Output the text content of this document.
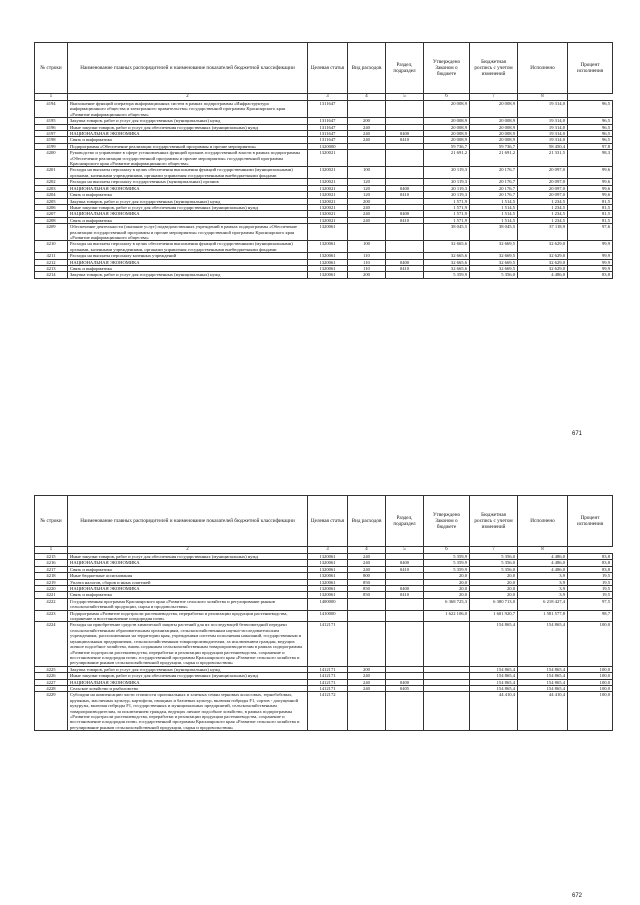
№ строки	Наименование главных распорядителей и наименование показателей бюджетной классификации	Целевая статья	Вид расходов	Раздел, подраздел	Утверждено Законом о бюджете	Бюджетная роспись с учетом изменений	Исполнено	Процент исполнения
1	2	3	4	5	6	7	8	
4194	Выполнение функций оператора информационных систем в рамках подпрограммы «Инфраструктура информационного общества и электронного правительства» государственной программы Красноярского края «Развитие информационного общества»	1311647			20 008,9	20 008,9	19 314,0	96,5
4195	Закупка товаров, работ и услуг для государственных (муниципальных) нужд	1311647	200		20 008,9	20 008,9	19 314,0	96,5
4196	Иные закупки товаров, работ и услуг для обеспечения государственных (муниципальных) нужд	1311647	240		20 008,9	20 008,9	19 314,0	96,5
4197	НАЦИОНАЛЬНАЯ ЭКОНОМИКА	1311647	240	0400	20 008,9	20 008,9	19 314,0	96,5
4198	Связь и информатика	1311647	240	0410	20 008,9	20 008,9	19 314,0	96,5
4199	Подпрограмма «Обеспечение реализации государственной программы и прочие мероприятия»	1320000			59 736,7	59 736,7	58 450,4	97,8
4200	Руководство и управление в сфере установленных функций органов государственной власти в рамках подпрограммы «Обеспечение реализации государственной программы и прочие мероприятия» государственной программы Красноярского края «Развитие информационного общества»	1320021			21 691,2	21 691,2	21 331,5	98,3
4201	Расходы на выплаты персоналу в целях обеспечения выполнения функций государственными (муниципальными) органами, казенными учреждениями, органами управления государственными внебюджетными фондами	1320021	100		20 119,3	20 176,7	20 097,0	99,6
4202	Расходы на выплаты персоналу государственных (муниципальных) органов	1320021	120		20 119,3	20 176,7	20 097,0	99,6
4203	НАЦИОНАЛЬНАЯ ЭКОНОМИКА	1320021	120	0400	20 119,3	20 176,7	20 097,0	99,6
4204	Связь и информатика	1320021	120	0410	20 119,3	20 176,7	20 097,0	99,6
4205	Закупка товаров, работ и услуг для государственных (муниципальных) нужд	1320021	200		1 571,9	1 514,5	1 234,5	81,5
4206	Иные закупки товаров, работ и услуг для обеспечения государственных (муниципальных) нужд	1320021	240		1 571,9	1 514,5	1 234,5	81,5
4207	НАЦИОНАЛЬНАЯ ЭКОНОМИКА	1320021	240	0400	1 571,9	1 514,5	1 234,5	81,5
4208	Связь и информатика	1320021	240	0410	1 571,9	1 514,5	1 234,5	81,5
4209	Обеспечение деятельности (оказание услуг) подведомственных учреждений в рамках подпрограммы «Обеспечение реализации государственной программы и прочие мероприятия» государственной программы Красноярского края «Развитие информационного общества»	1320061			38 045,5	38 045,5	37 118,9	97,6
4210	Расходы на выплаты персоналу в целях обеспечения выполнения функций государственными (муниципальными) органами, казенными учреждениями, органами управления государственными внебюджетными фондами	1320061	100		32 665,6	32 669,5	32 629,0	99,9
4211	Расходы на выплаты персоналу казенных учреждений	1320061	110		32 665,6	32 669,5	32 629,0	99,9
4212	НАЦИОНАЛЬНАЯ ЭКОНОМИКА	1320061	110	0400	32 665,6	32 669,5	32 629,0	99,9
4213	Связь и информатика	1320061	110	0410	32 665,6	32 669,5	32 629,0	99,9
4214	Закупка товаров, работ и услуг для государственных (муниципальных) нужд	1320061	200		5 359,9	5 356,0	4 486,0	83,8
671
№ строки	Наименование главных распорядителей и наименование показателей бюджетной классификации	Целевая статья	Вид расходов	Раздел, подраздел	Утверждено Законом о бюджете	Бюджетная роспись с учетом изменений	Исполнено	Процент исполнения
1	2	3	4	5	6	7	8	
4215	Иные закупки товаров, работ и услуг для обеспечения государственных (муниципальных) нужд	1320061	240		5 359,9	5 356,0	4 486,0	83,8
4216	НАЦИОНАЛЬНАЯ ЭКОНОМИКА	1320061	240	0400	5 359,9	5 356,0	4 486,0	83,8
4217	Связь и информатика	1320061	240	0410	5 359,9	5 356,0	4 486,0	83,8
4218	Иные бюджетные ассигнования	1320061	800		20,0	20,0	3,9	19,5
4219	Уплата налогов, сборов и иных платежей	1320061	850		20,0	20,0	3,9	19,5
4220	НАЦИОНАЛЬНАЯ ЭКОНОМИКА	1320061	850	0400	20,0	20,0	3,9	19,5
4221	Связь и информатика	1320061	850	0410	20,0	20,0	3,9	19,5
4222	Государственная программа Красноярского края «Развитие сельского хозяйства и регулирование рынков сельскохозяйственной продукции, сырья и продовольствия»	1400000			6 368 725,3	6 380 713,0	6 218 427,4	97,5
4223	Подпрограмма «Развитие подотрасли растениеводства, переработки и реализации продукции растениеводства, сохранение и восстановление плодородия почв»	1410000			1 622 106,0	1 601 920,7	1 581 577,8	98,7
4224	Расходы на приобретение средств химической защиты растений для их последующей безвозмездной передачи сельскохозяйственным образовательным организациям, сельскохозяйственным научно-исследовательским учреждениям, расположенным на территории края, учреждениям системы исполнения наказаний, государственным и муниципальным предприятиям, сельскохозяйственным товаропроизводителям, за исключением граждан, ведущих личное подсобное хозяйство, вновь созданным сельскохозяйственным товаропроизводителям в рамках подпрограммы «Развитие подотрасли растениеводства, переработки и реализации продукции растениеводства, сохранение и восстановление плодородия почв» государственной программы Красноярского края «Развитие сельского хозяйства и регулирование рынков сельскохозяйственной продукции, сырья и продовольствия»	1412171				154 865,4	154 865,4	100,0
4225	Закупка товаров, работ и услуг для государственных (муниципальных) нужд	1412171	200			154 865,4	154 865,4	100,0
4226	Иные закупки товаров, работ и услуг для обеспечения государственных (муниципальных) нужд	1412171	240			154 865,4	154 865,4	100,0
4227	НАЦИОНАЛЬНАЯ ЭКОНОМИКА	1412171	240	0400		154 865,4	154 865,4	100,0
4228	Сельское хозяйство и рыболовство	1412171	240	0405		154 865,4	154 865,4	100,0
4229	Субсидии на компенсацию части стоимости оригинальных и элитных семян зерновых колосовых, зернобобовых, крупяных, масличных культур, картофеля, овощных и бахчевых культур, включая гибриды F1, сортов - допущенной кукурузы, включая гибриды F1, государственных и муниципальных предприятий, сельскохозяйственным товаропроизводителям, за исключением граждан, ведущих личное подсобное хозяйство, в рамках подпрограммы «Развитие подотрасли растениеводства, переработки и реализации продукции растениеводства, сохранение и восстановление плодородия почв» государственной программы Красноярского края «Развитие сельского хозяйства и регулирование рынков сельскохозяйственной продукции, сырья и продовольствия»	1412172				44 410,4	44 410,4	100,0
672
